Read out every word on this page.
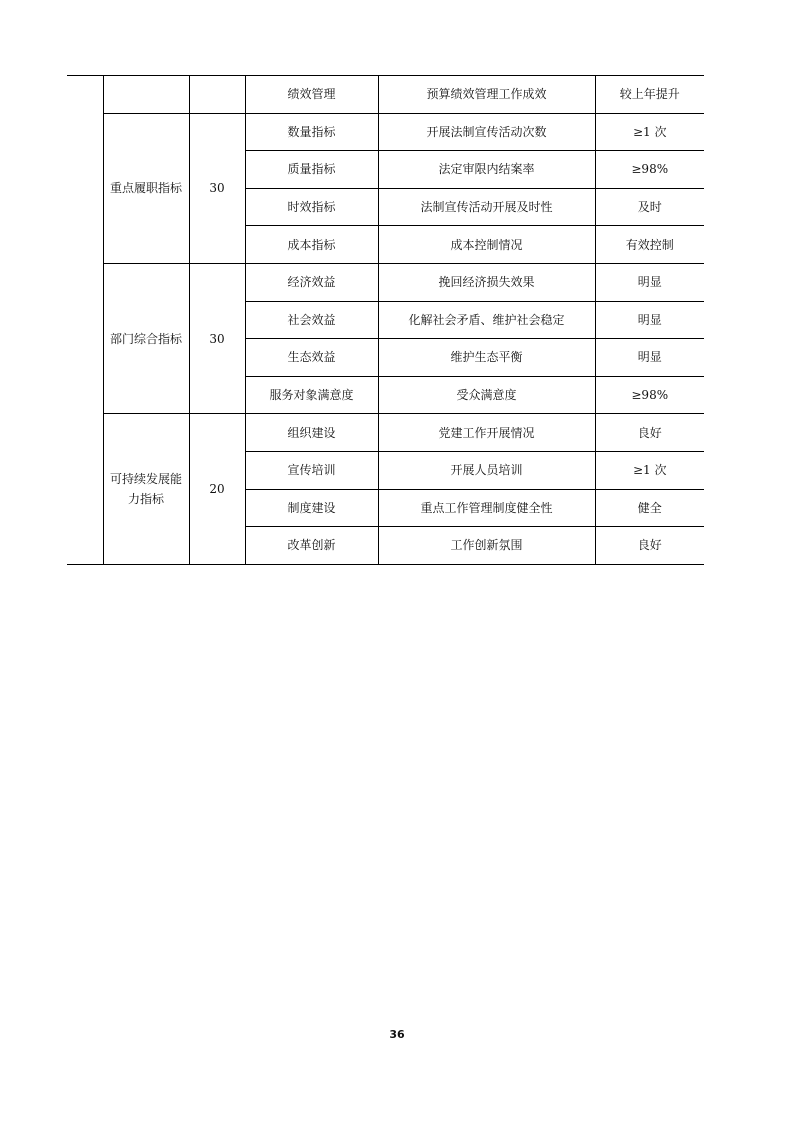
			绩效管理	预算绩效管理工作成效	较上年提升
	重点履职指标	30	数量指标	开展法制宣传活动次数	≥1 次
			质量指标	法定审限内结案率	≥98%
			时效指标	法制宣传活动开展及时性	及时
			成本指标	成本控制情况	有效控制
	部门综合指标	30	经济效益	挽回经济损失效果	明显
			社会效益	化解社会矛盾、维护社会稳定	明显
			生态效益	维护生态平衡	明显
			服务对象满意度	受众满意度	≥98%
	可持续发展能力指标	20	组织建设	党建工作开展情况	良好
			宣传培训	开展人员培训	≥1 次
			制度建设	重点工作管理制度健全性	健全
			改革创新	工作创新氛围	良好
36
